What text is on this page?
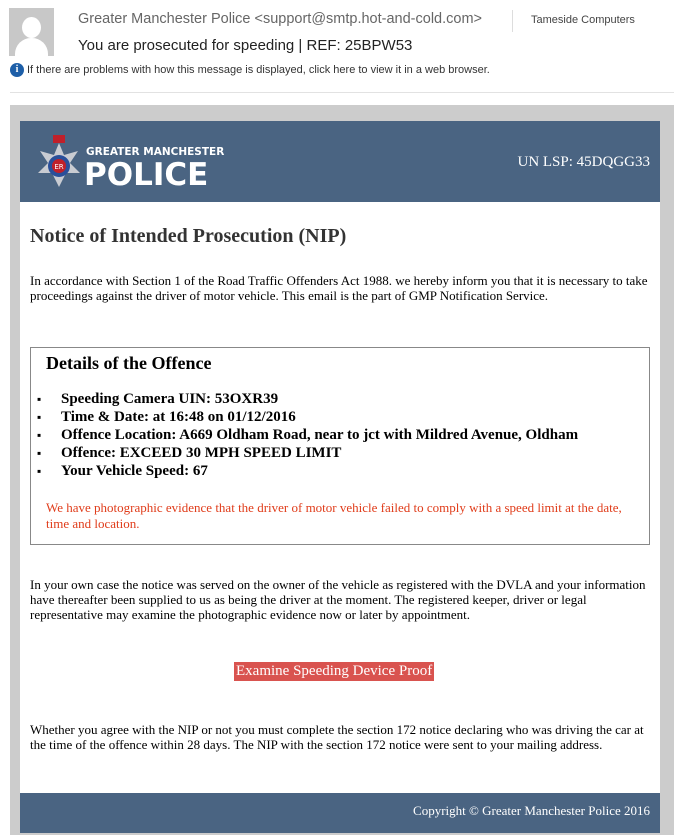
Greater Manchester Police <support@smtp.hot-and-cold.com>	Tameside Computers
You are prosecuted for speeding | REF: 25BPW53
i If there are problems with how this message is displayed, click here to view it in a web browser.
ER
GREATER MANCHESTER
POLICE	UN LSP: 45DQGG33
Notice of Intended Prosecution (NIP)
In accordance with Section 1 of the Road Traffic Offenders Act 1988. we hereby inform you that it is necessary to take proceedings against the driver of motor vehicle. This email is the part of GMP Notification Service.
Details of the Offence
▪ Speeding Camera UIN: 53OXR39
▪ Time & Date: at 16:48 on 01/12/2016
▪ Offence Location: A669 Oldham Road, near to jct with Mildred Avenue, Oldham
▪ Offence: EXCEED 30 MPH SPEED LIMIT
▪ Your Vehicle Speed: 67
We have photographic evidence that the driver of motor vehicle failed to comply with a speed limit at the date, time and location.
In your own case the notice was served on the owner of the vehicle as registered with the DVLA and your information have thereafter been supplied to us as being the driver at the moment. The registered keeper, driver or legal representative may examine the photographic evidence now or later by appointment.
Examine Speeding Device Proof
Whether you agree with the NIP or not you must complete the section 172 notice declaring who was driving the car at the time of the offence within 28 days. The NIP with the section 172 notice were sent to your mailing address.
Copyright © Greater Manchester Police 2016
